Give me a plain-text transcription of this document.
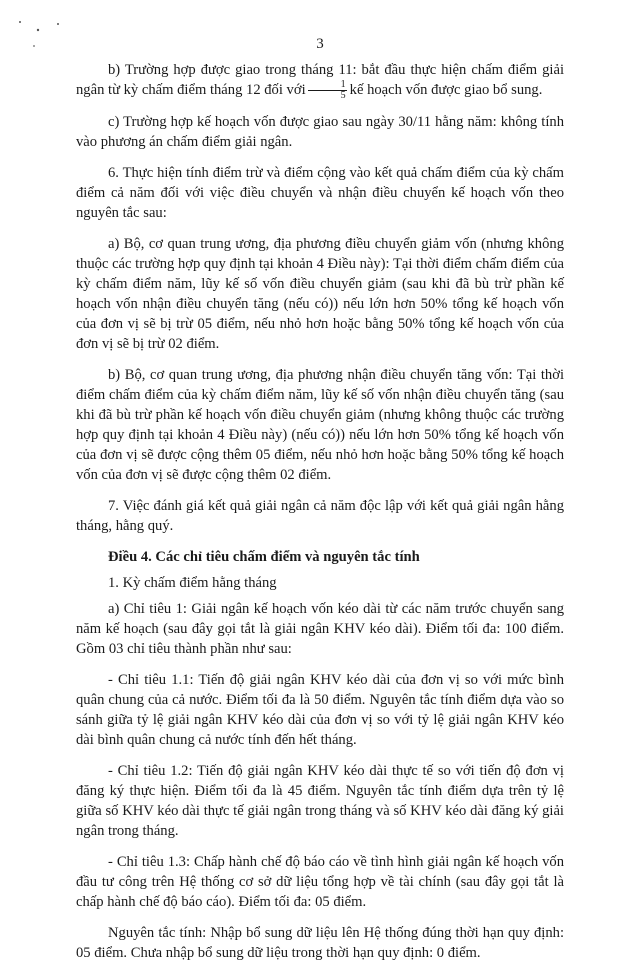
3

b) Trường hợp được giao trong tháng 11: bắt đầu thực hiện chấm điểm giải ngân từ kỳ chấm điểm tháng 12 đối với $\frac{1}{5}$ kế hoạch vốn được giao bổ sung.

c) Trường hợp kế hoạch vốn được giao sau ngày 30/11 hằng năm: không tính vào phương án chấm điểm giải ngân.

6. Thực hiện tính điểm trừ và điểm cộng vào kết quả chấm điểm của kỳ chấm điểm cả năm đối với việc điều chuyển và nhận điều chuyển kế hoạch vốn theo nguyên tắc sau:

a) Bộ, cơ quan trung ương, địa phương điều chuyển giảm vốn (nhưng không thuộc các trường hợp quy định tại khoản 4 Điều này): Tại thời điểm chấm điểm của kỳ chấm điểm năm, lũy kế số vốn điều chuyển giảm (sau khi đã bù trừ phần kế hoạch vốn nhận điều chuyển tăng (nếu có)) nếu lớn hơn 50% tổng kế hoạch vốn của đơn vị sẽ bị trừ 05 điểm, nếu nhỏ hơn hoặc bằng 50% tổng kế hoạch vốn của đơn vị sẽ bị trừ 02 điểm.

b) Bộ, cơ quan trung ương, địa phương nhận điều chuyển tăng vốn: Tại thời điểm chấm điểm của kỳ chấm điểm năm, lũy kế số vốn nhận điều chuyển tăng (sau khi đã bù trừ phần kế hoạch vốn điều chuyển giảm (nhưng không thuộc các trường hợp quy định tại khoản 4 Điều này) (nếu có)) nếu lớn hơn 50% tổng kế hoạch vốn của đơn vị sẽ được cộng thêm 05 điểm, nếu nhỏ hơn hoặc bằng 50% tổng kế hoạch vốn của đơn vị sẽ được cộng thêm 02 điểm.

7. Việc đánh giá kết quả giải ngân cả năm độc lập với kết quả giải ngân hằng tháng, hằng quý.

Điều 4. Các chỉ tiêu chấm điểm và nguyên tắc tính

1. Kỳ chấm điểm hằng tháng

a) Chỉ tiêu 1: Giải ngân kế hoạch vốn kéo dài từ các năm trước chuyển sang năm kế hoạch (sau đây gọi tắt là giải ngân KHV kéo dài). Điểm tối đa: 100 điểm. Gồm 03 chỉ tiêu thành phần như sau:

- Chỉ tiêu 1.1: Tiến độ giải ngân KHV kéo dài của đơn vị so với mức bình quân chung của cả nước. Điểm tối đa là 50 điểm. Nguyên tắc tính điểm dựa vào so sánh giữa tỷ lệ giải ngân KHV kéo dài của đơn vị so với tỷ lệ giải ngân KHV kéo dài bình quân chung cả nước tính đến hết tháng.

- Chỉ tiêu 1.2: Tiến độ giải ngân KHV kéo dài thực tế so với tiến độ đơn vị đăng ký thực hiện. Điểm tối đa là 45 điểm. Nguyên tắc tính điểm dựa trên tỷ lệ giữa số KHV kéo dài thực tế giải ngân trong tháng và số KHV kéo dài đăng ký giải ngân trong tháng.

- Chỉ tiêu 1.3: Chấp hành chế độ báo cáo về tình hình giải ngân kế hoạch vốn đầu tư công trên Hệ thống cơ sở dữ liệu tổng hợp về tài chính (sau đây gọi tắt là chấp hành chế độ báo cáo). Điểm tối đa: 05 điểm.

Nguyên tắc tính: Nhập bổ sung dữ liệu lên Hệ thống đúng thời hạn quy định: 05 điểm. Chưa nhập bổ sung dữ liệu trong thời hạn quy định: 0 điểm.
